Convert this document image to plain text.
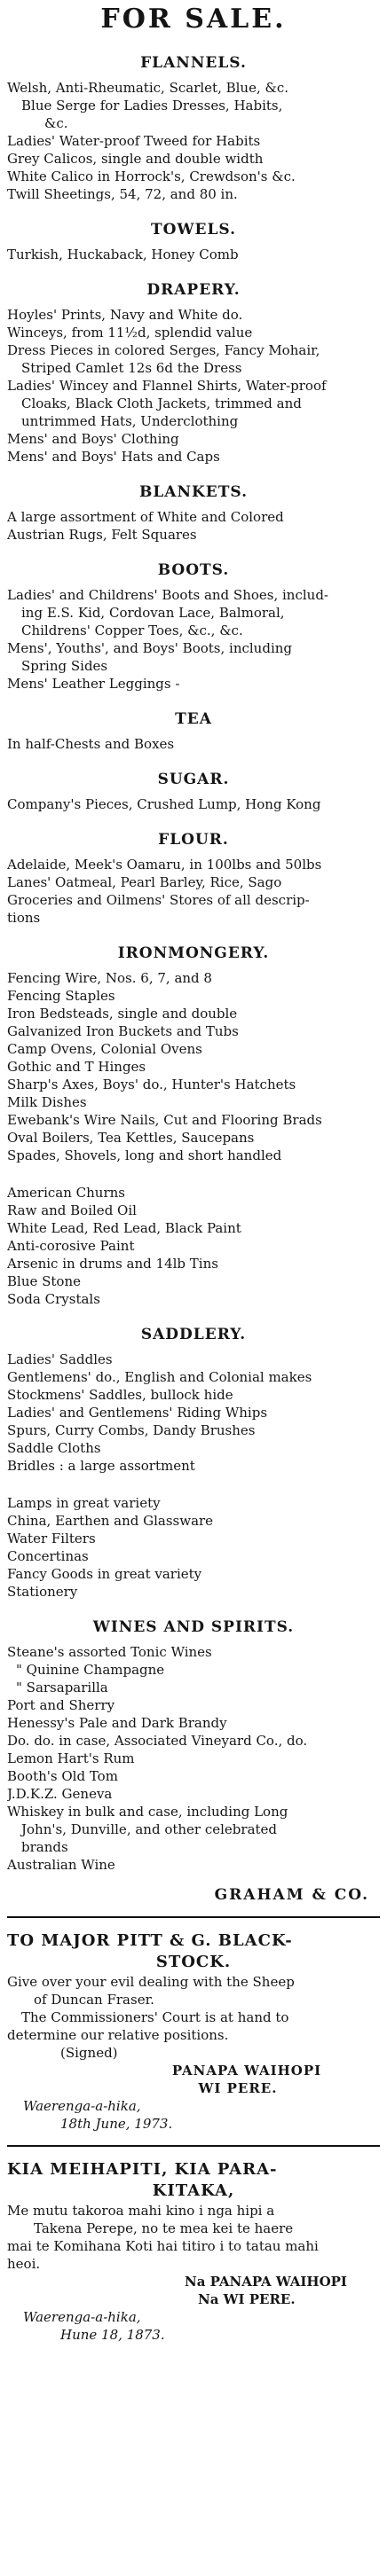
FOR SALE.
FLANNELS.
Welsh, Anti-Rheumatic, Scarlet, Blue, &c.
Blue Serge for Ladies Dresses, Habits,
&c.
Ladies' Water-proof Tweed for Habits
Grey Calicos, single and double width
White Calico in Horrock's, Crewdson's &c.
Twill Sheetings, 54, 72, and 80 in.
TOWELS.
Turkish, Huckaback, Honey Comb
DRAPERY.
Hoyles' Prints, Navy and White do.
Winceys, from 11½d, splendid value
Dress Pieces in colored Serges, Fancy Mohair,
Striped Camlet 12s 6d the Dress
Ladies' Wincey and Flannel Shirts, Water-proof
Cloaks, Black Cloth Jackets, trimmed and
untrimmed Hats, Underclothing
Mens' and Boys' Clothing
Mens' and Boys' Hats and Caps
BLANKETS.
A large assortment of White and Colored
Austrian Rugs, Felt Squares
BOOTS.
Ladies' and Childrens' Boots and Shoes, includ-
ing E.S. Kid, Cordovan Lace, Balmoral,
Childrens' Copper Toes, &c., &c.
Mens', Youths', and Boys' Boots, including
Spring Sides
Mens' Leather Leggings -
TEA
In half-Chests and Boxes
SUGAR.
Company's Pieces, Crushed Lump, Hong Kong
FLOUR.
Adelaide, Meek's Oamaru, in 100lbs and 50lbs
Lanes' Oatmeal, Pearl Barley, Rice, Sago
Groceries and Oilmens' Stores of all descrip-
tions
IRONMONGERY.
Fencing Wire, Nos. 6, 7, and 8
Fencing Staples
Iron Bedsteads, single and double
Galvanized Iron Buckets and Tubs
Camp Ovens, Colonial Ovens
Gothic and T Hinges
Sharp's Axes, Boys' do., Hunter's Hatchets
Milk Dishes
Ewebank's Wire Nails, Cut and Flooring Brads
Oval Boilers, Tea Kettles, Saucepans
Spades, Shovels, long and short handled
American Churns
Raw and Boiled Oil
White Lead, Red Lead, Black Paint
Anti-corosive Paint
Arsenic in drums and 14lb Tins
Blue Stone
Soda Crystals
SADDLERY.
Ladies' Saddles
Gentlemens' do., English and Colonial makes
Stockmens' Saddles, bullock hide
Ladies' and Gentlemens' Riding Whips
Spurs, Curry Combs, Dandy Brushes
Saddle Cloths
Bridles : a large assortment
Lamps in great variety
China, Earthen and Glassware
Water Filters
Concertinas
Fancy Goods in great variety
Stationery
WINES AND SPIRITS.
Steane's assorted Tonic Wines
" Quinine Champagne
" Sarsaparilla
Port and Sherry
Henessy's Pale and Dark Brandy
Do. do. in case, Associated Vineyard Co., do.
Lemon Hart's Rum
Booth's Old Tom
J.D.K.Z. Geneva
Whiskey in bulk and case, including Long
John's, Dunville, and other celebrated
brands
Australian Wine
GRAHAM & CO.
TO MAJOR PITT & G. BLACK-
STOCK.
Give over your evil dealing with the Sheep
of Duncan Fraser.
The Commissioners' Court is at hand to
determine our relative positions.
(Signed)
PANAPA WAIHOPI
WI PERE.
Waerenga-a-hika,
18th June, 1973.
KIA MEIHAPITI, KIA PARA-
KITAKA,
Me mutu takoroa mahi kino i nga hipi a
Takena Perepe, no te mea kei te haere
mai te Komihana Koti hai titiro i to tatau mahi
heoi.
Na PANAPA WAIHOPI
Na WI PERE.
Waerenga-a-hika,
Hune 18, 1873.
